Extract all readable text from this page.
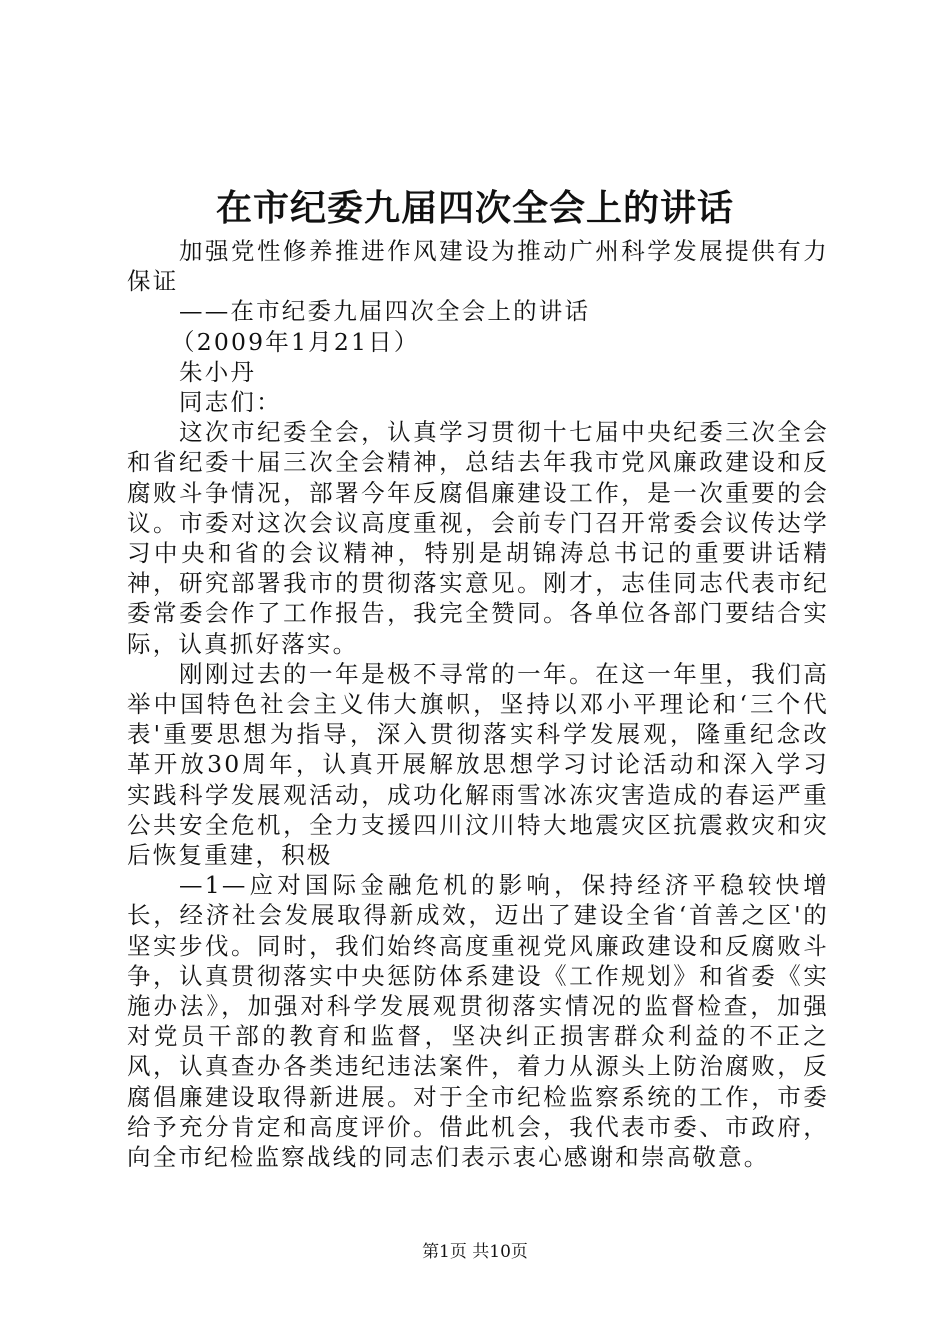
在市纪委九届四次全会上的讲话

加强党性修养推进作风建设为推动广州科学发展提供有力保证

——在市纪委九届四次全会上的讲话

（2009年1月21日）

朱小丹

同志们：

这次市纪委全会，认真学习贯彻十七届中央纪委三次全会和省纪委十届三次全会精神，总结去年我市党风廉政建设和反腐败斗争情况，部署今年反腐倡廉建设工作，是一次重要的会议。市委对这次会议高度重视，会前专门召开常委会议传达学习中央和省的会议精神，特别是胡锦涛总书记的重要讲话精神，研究部署我市的贯彻落实意见。刚才，志佳同志代表市纪委常委会作了工作报告，我完全赞同。各单位各部门要结合实际，认真抓好落实。

刚刚过去的一年是极不寻常的一年。在这一年里，我们高举中国特色社会主义伟大旗帜，坚持以邓小平理论和‘三个代表'重要思想为指导，深入贯彻落实科学发展观，隆重纪念改革开放30周年，认真开展解放思想学习讨论活动和深入学习实践科学发展观活动，成功化解雨雪冰冻灾害造成的春运严重公共安全危机，全力支援四川汶川特大地震灾区抗震救灾和灾后恢复重建，积极

—1—应对国际金融危机的影响，保持经济平稳较快增长，经济社会发展取得新成效，迈出了建设全省‘首善之区'的坚实步伐。同时，我们始终高度重视党风廉政建设和反腐败斗争，认真贯彻落实中央惩防体系建设《工作规划》和省委《实施办法》，加强对科学发展观贯彻落实情况的监督检查，加强对党员干部的教育和监督，坚决纠正损害群众利益的不正之风，认真查办各类违纪违法案件，着力从源头上防治腐败，反腐倡廉建设取得新进展。对于全市纪检监察系统的工作，市委给予充分肯定和高度评价。借此机会，我代表市委、市政府，向全市纪检监察战线的同志们表示衷心感谢和崇高敬意。

第1页 共10页
